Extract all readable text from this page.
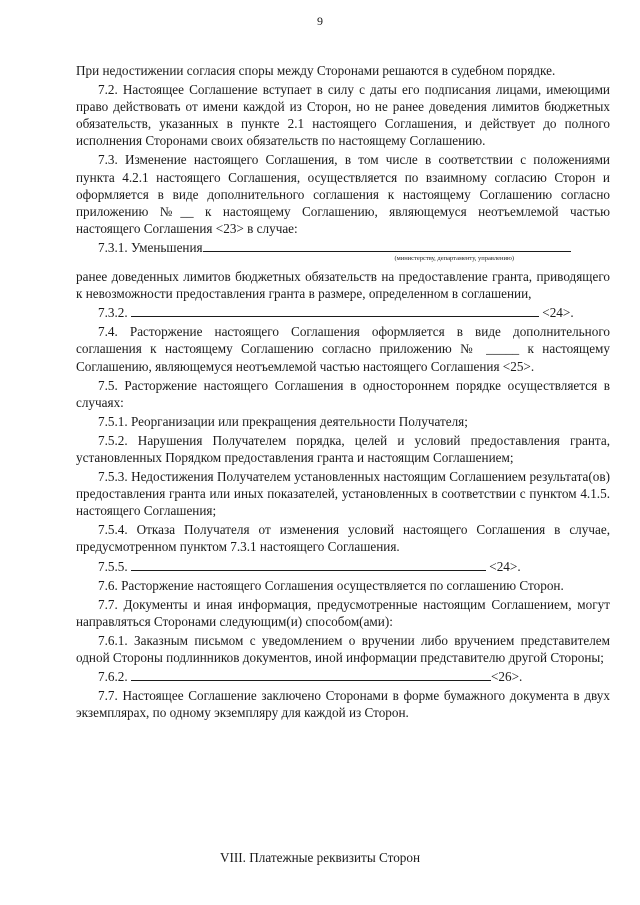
9

При недостижении согласия споры между Сторонами решаются в судебном порядке.

7.2. Настоящее Соглашение вступает в силу с даты его подписания лицами, имеющими право действовать от имени каждой из Сторон, но не ранее доведения лимитов бюджетных обязательств, указанных в пункте 2.1 настоящего Соглашения, и действует до полного исполнения Сторонами своих обязательств по настоящему Соглашению.

7.3. Изменение настоящего Соглашения, в том числе в соответствии с положениями пункта 4.2.1 настоящего Соглашения, осуществляется по взаимному согласию Сторон и оформляется в виде дополнительного соглашения к настоящему Соглашению согласно приложению №__ к настоящему Соглашению, являющемуся неотъемлемой частью настоящего Соглашения <23> в случае:

7.3.1. Уменьшения

(министерству, департаменту, управлению)

ранее доведенных лимитов бюджетных обязательств на предоставление гранта, приводящего к невозможности предоставления гранта в размере, определенном в соглашении,

7.3.2.	<24>.

7.4. Расторжение настоящего Соглашения оформляется в виде дополнительного соглашения к настоящему Соглашению согласно приложению № _____ к настоящему Соглашению, являющемуся неотъемлемой частью настоящего Соглашения <25>.

7.5. Расторжение настоящего Соглашения в одностороннем порядке осуществляется в случаях:

7.5.1. Реорганизации или прекращения деятельности Получателя;

7.5.2. Нарушения Получателем порядка, целей и условий предоставления гранта, установленных Порядком предоставления гранта и настоящим Соглашением;

7.5.3. Недостижения Получателем установленных настоящим Соглашением результата(ов) предоставления гранта или иных показателей, установленных в соответствии с пунктом 4.1.5. настоящего Соглашения;

7.5.4. Отказа Получателя от изменения условий настоящего Соглашения в случае, предусмотренном пунктом 7.3.1 настоящего Соглашения.

7.5.5.	<24>.

7.6. Расторжение настоящего Соглашения осуществляется по соглашению Сторон.

7.7. Документы и иная информация, предусмотренные настоящим Соглашением, могут направляться Сторонами следующим(и) способом(ами):

7.6.1. Заказным письмом с уведомлением о вручении либо вручением представителем одной Стороны подлинников документов, иной информации представителю другой Стороны;

7.6.2.	<26>.

7.7. Настоящее Соглашение заключено Сторонами в форме бумажного документа в двух экземплярах, по одному экземпляру для каждой из Сторон.

VIII. Платежные реквизиты Сторон
